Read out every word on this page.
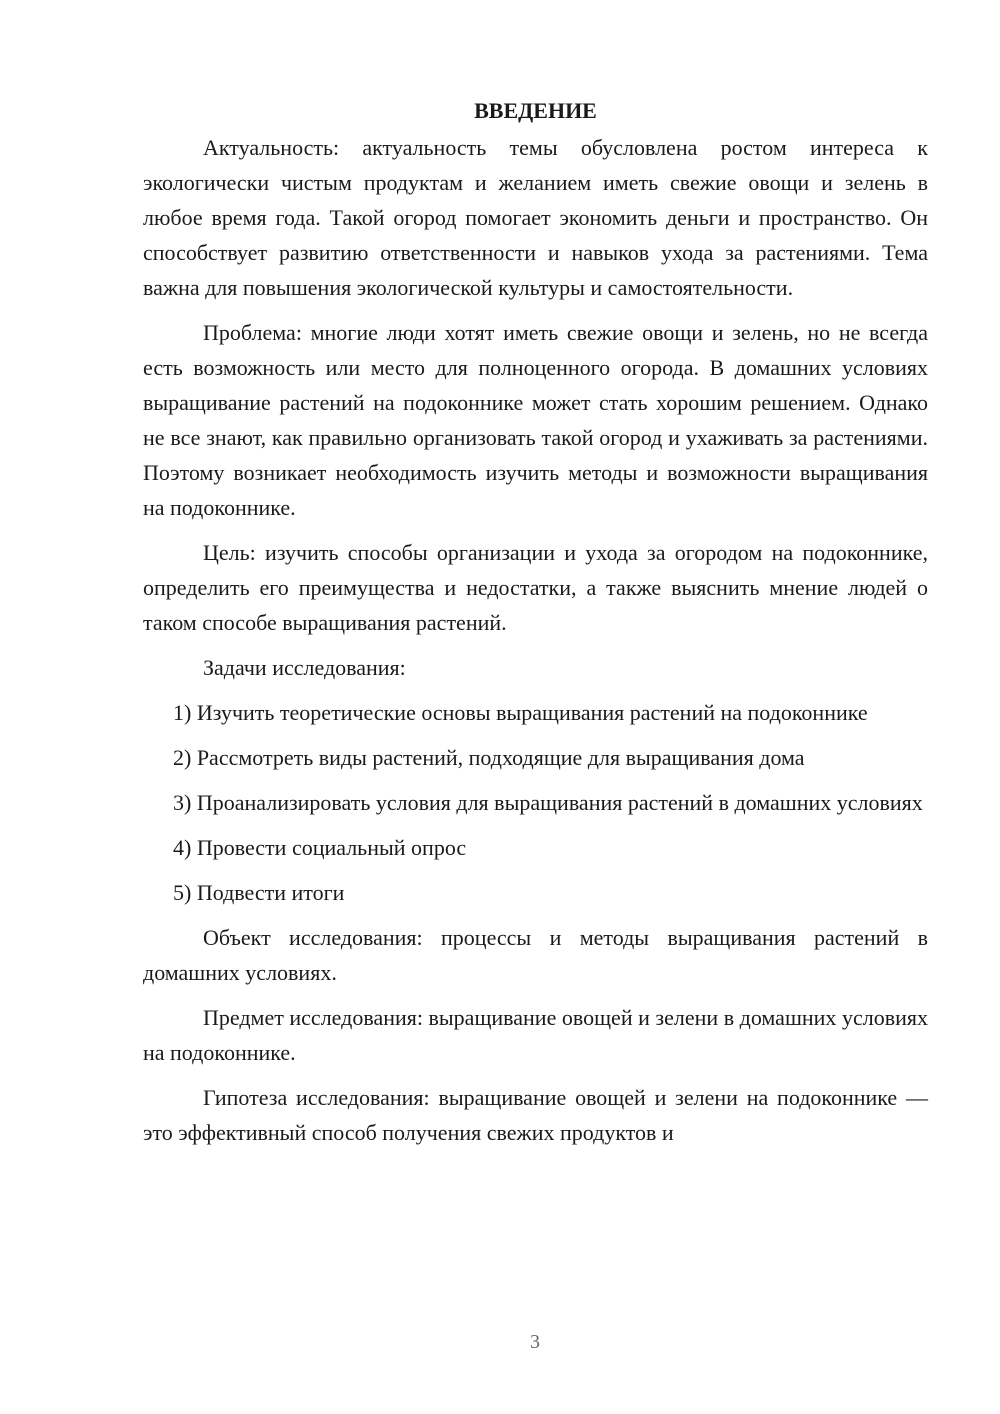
ВВЕДЕНИЕ

Актуальность: актуальность темы обусловлена ростом интереса к экологически чистым продуктам и желанием иметь свежие овощи и зелень в любое время года. Такой огород помогает экономить деньги и пространство. Он способствует развитию ответственности и навыков ухода за растениями. Тема важна для повышения экологической культуры и самостоятельности.

Проблема: многие люди хотят иметь свежие овощи и зелень, но не всегда есть возможность или место для полноценного огорода. В домашних условиях выращивание растений на подоконнике может стать хорошим решением. Однако не все знают, как правильно организовать такой огород и ухаживать за растениями. Поэтому возникает необходимость изучить методы и возможности выращивания на подоконнике.

Цель: изучить способы организации и ухода за огородом на подоконнике, определить его преимущества и недостатки, а также выяснить мнение людей о таком способе выращивания растений.

Задачи исследования:

1) Изучить теоретические основы выращивания растений на подоконнике

2) Рассмотреть виды растений, подходящие для выращивания дома

3) Проанализировать условия для выращивания растений в домашних условиях

4) Провести социальный опрос

5) Подвести итоги

Объект исследования: процессы и методы выращивания растений в домашних условиях.

Предмет исследования: выращивание овощей и зелени в домашних условиях на подоконнике.

Гипотеза исследования: выращивание овощей и зелени на подоконнике — это эффективный способ получения свежих продуктов и

3
